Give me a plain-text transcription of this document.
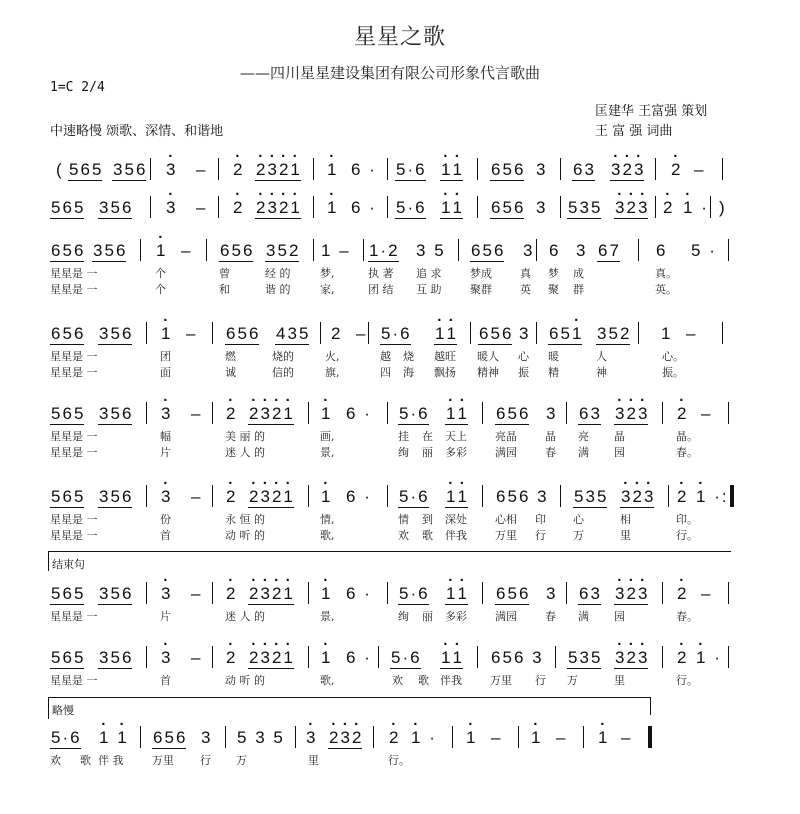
星星之歌
——四川星星建设集团有限公司形象代言歌曲
1=C 2/4
匡建华 王富强 策划
王 富 强 词曲
中速略慢 颂歌、深情、和谐地
结束句
略慢
( 5 6 5 3 5 6 · 3 – · 2 · 2 · 3 · 2 · 1 · 1 6 · 5 · 6 · 1 · 1 6 5 6 3 6 3 · 3 · 2 · 3 · 2 –
5 6 5 3 5 6 · 3 – · 2 · 2 · 3 · 2 · 1 · 1 6 · 5 · 6 · 1 · 1 6 5 6 3 5 3 5 · 3 · 2 · 3 · 2 · 1 · )
6 5 6 3 5 6 · 1 – 6 5 6 3 5 2 1 – 1 · 2 3 5 6 5 6 3 6 3 6 7 6 5 ·
星星是 一	个	曾	经 的	梦,	执 著 追 求	梦成	真 梦 成	真。
星星是 一	个	和	谐 的	家,	团 结 互 助	聚群	英 聚 群	英。
6 5 6 3 5 6 · 1 – 6 5 6 4 3 5 2 – 5 · 6 · 1 · 1 6 5 6 3 6 5 · 1 3 5 2 1 –
星星是 一	团	燃	烧的	火,	越 烧 越旺 暖人 心 暖	人	心。
星星是 一	面	诚	信的	旗,	四 海 飘扬 精神 振 精	神	振。
5 6 5 3 5 6 · 3 – · 2 · 2 · 3 · 2 · 1 · 1 6 · 5 · 6 · 1 · 1 6 5 6 3 6 3 · 3 · 2 · 3 · 2 –
星星是 一	幅	美 丽 的	画,	挂 在 天上	亮晶	晶 亮 晶	晶。
星星是 一	片	迷 人 的	景,	绚 丽 多彩	满园	春 满 园	春。
5 6 5 3 5 6 · 3 – · 2 · 2 · 3 · 2 · 1 · 1 6 · 5 · 6 · 1 · 1 6 5 6 3 5 3 5 · 3 · 2 · 3 · 2 · 1 · :
星星是 一	份	永 恒 的	情,	情 到 深处	心相 印 心	相	印。
星星是 一	首	动 听 的	歌,	欢 歌 伴我	万里 行 万	里	行。
5 6 5 3 5 6 · 3 – · 2 · 2 · 3 · 2 · 1 · 1 6 · 5 · 6 · 1 · 1 6 5 6 3 6 3 · 3 · 2 · 3 · 2 –
星星是 一	片	迷 人 的	景,	绚 丽 多彩	满园	春 满 园	春。
5 6 5 3 5 6 · 3 – · 2 · 2 · 3 · 2 · 1 · 1 6 · 5 · 6 · 1 · 1 6 5 6 3 5 3 5 · 3 · 2 · 3 · 2 · 1 ·
星星是 一	首	动 听 的	歌,	欢 歌 伴我	万里 行 万	里	行。
5 · 6 · 1 · 1 6 5 6 3 5 3 5 · 3 · 2 · 3 · 2 · 2 · 1 · · 1 – · 1 – · 1 –
欢 歌 伴 我	万里 行 万	里	行。
